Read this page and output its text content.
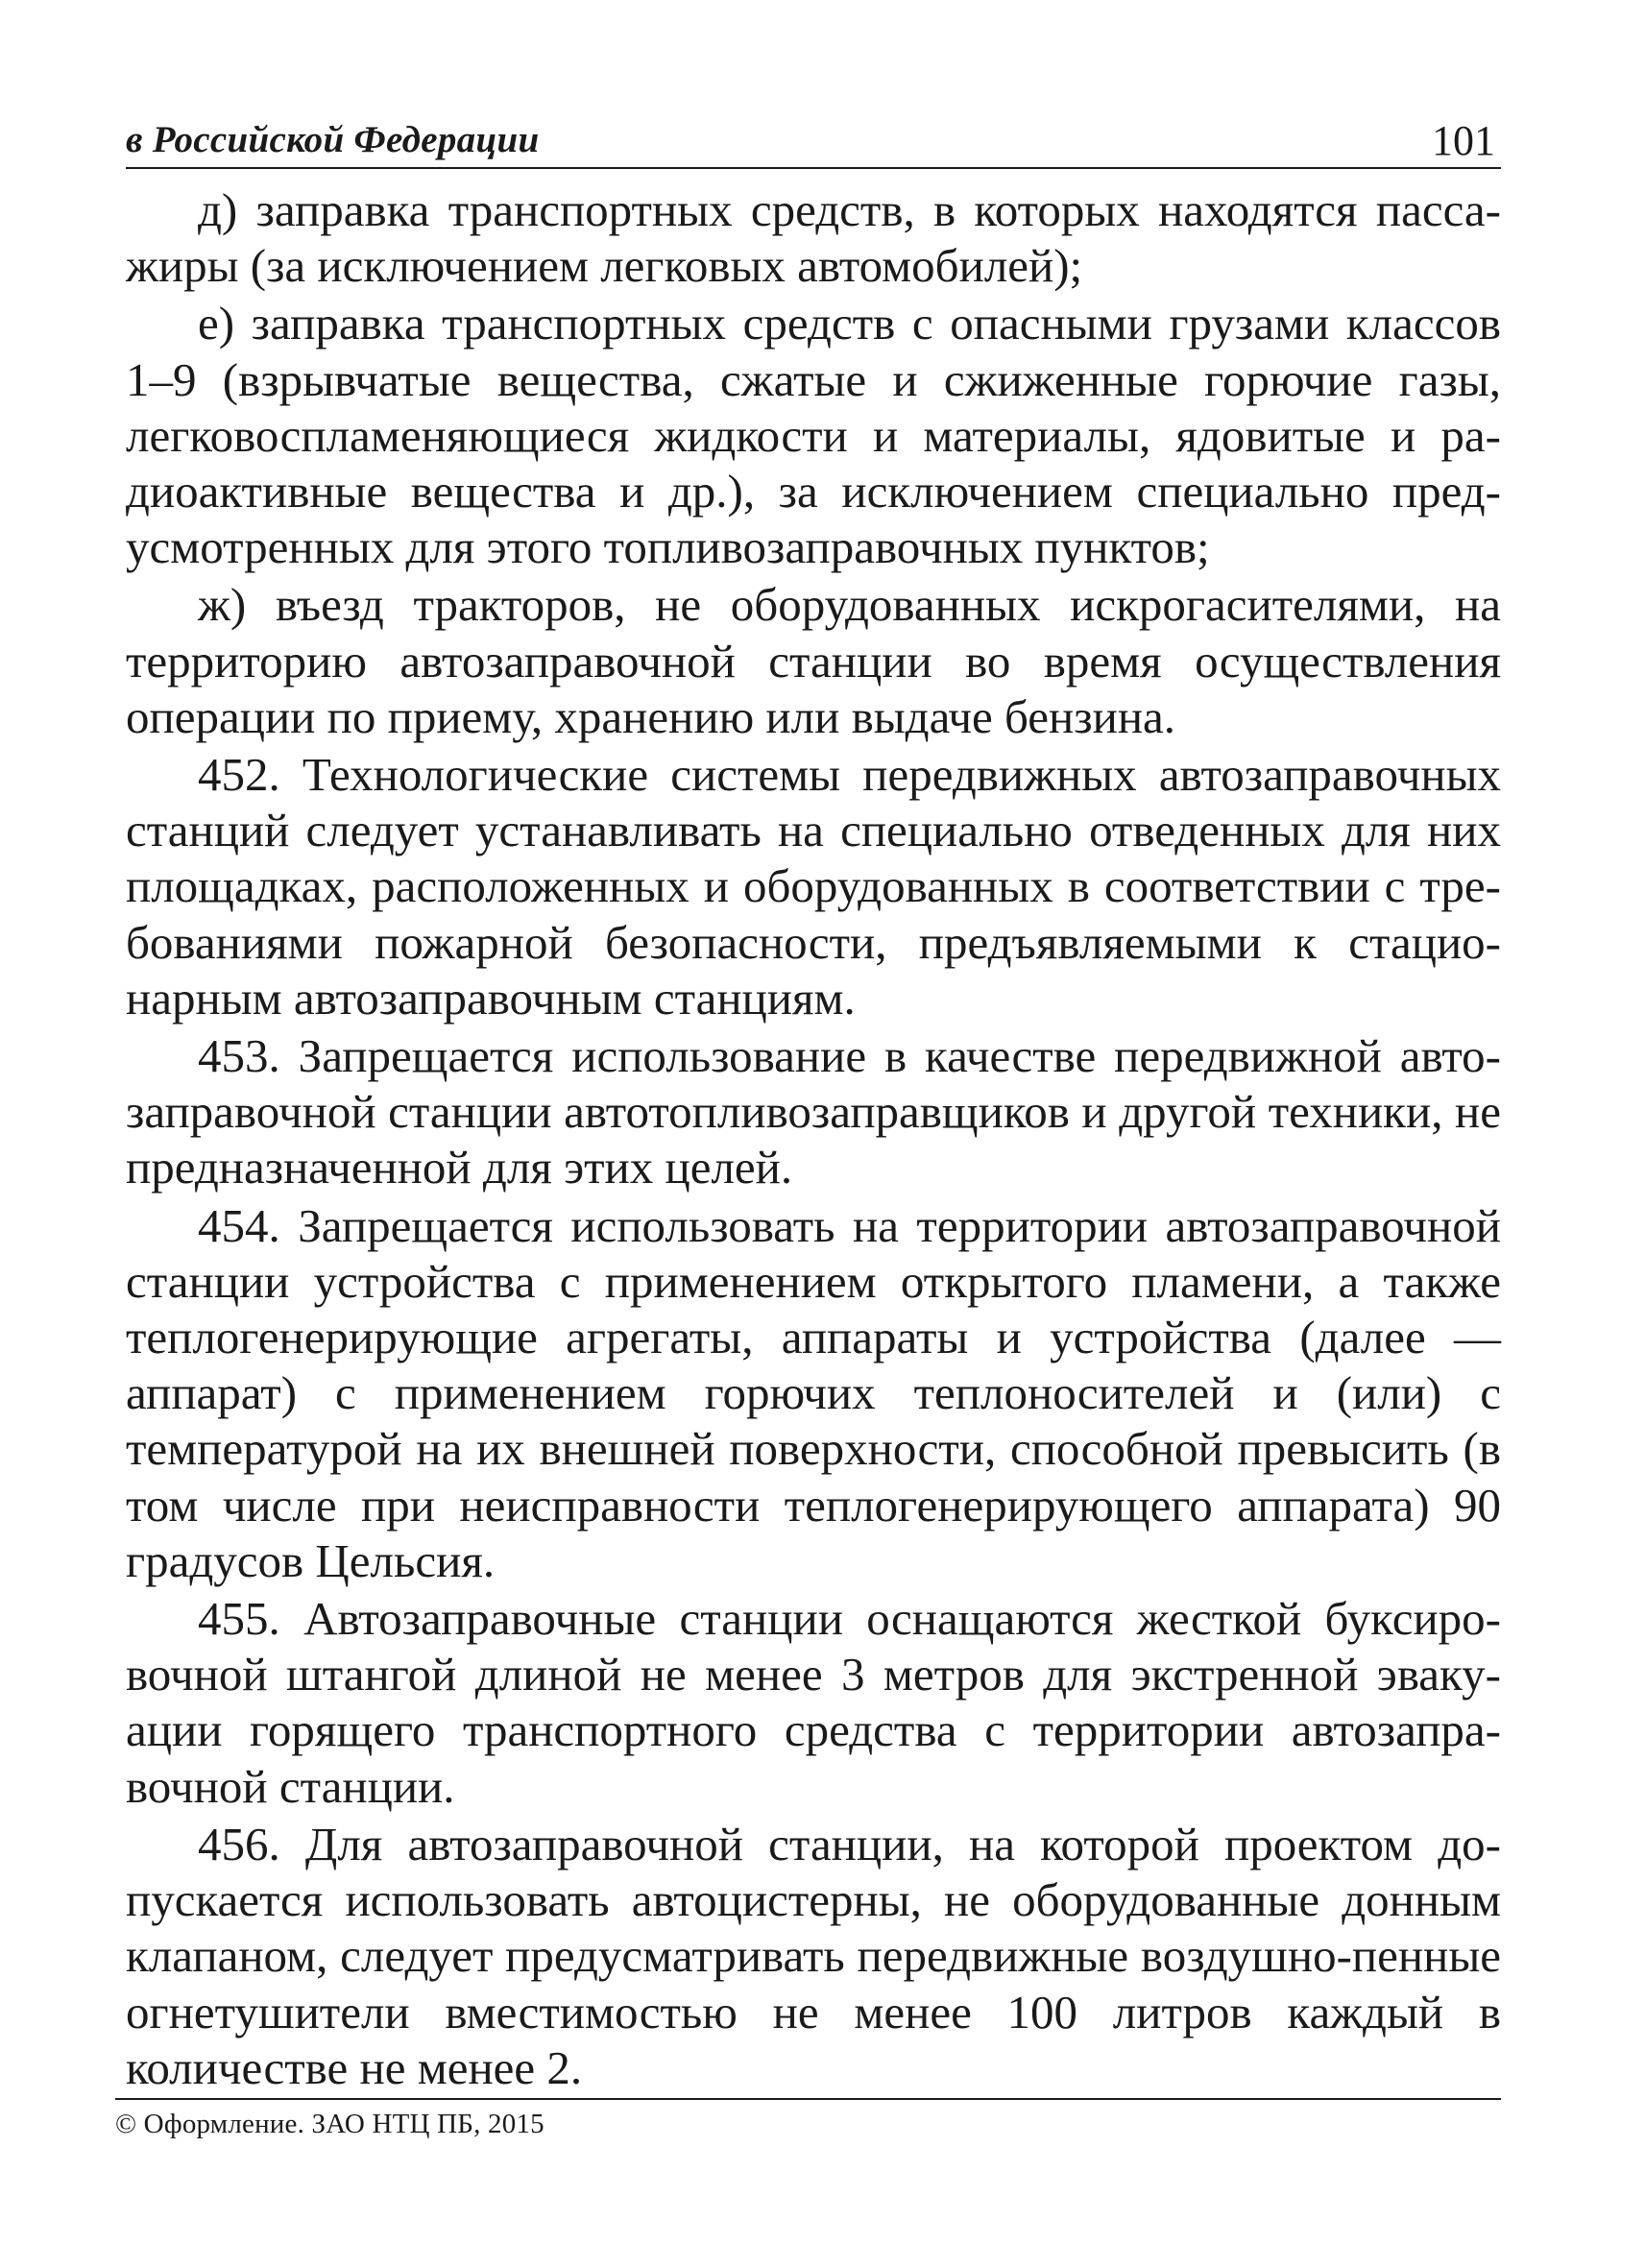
в Российской Федерации	101

д) заправка транспортных средств, в которых находятся пассажиры (за исключением легковых автомобилей);

е) заправка транспортных средств с опасными грузами классов 1–9 (взрывчатые вещества, сжатые и сжиженные горючие газы, легковоспламеняющиеся жидкости и материалы, ядовитые и радиоактивные вещества и др.), за исключением специально предусмотренных для этого топливозаправочных пунктов;

ж) въезд тракторов, не оборудованных искрогасителями, на территорию автозаправочной станции во время осуществления операции по приему, хранению или выдаче бензина.

452. Технологические системы передвижных автозаправочных станций следует устанавливать на специально отведенных для них площадках, расположенных и оборудованных в соответствии с требованиями пожарной безопасности, предъявляемыми к стационарным автозаправочным станциям.

453. Запрещается использование в качестве передвижной автозаправочной станции автотопливозаправщиков и другой техники, не предназначенной для этих целей.

454. Запрещается использовать на территории автозаправочной станции устройства с применением открытого пламени, а также теплогенерирующие агрегаты, аппараты и устройства (далее — аппарат) с применением горючих теплоносителей и (или) с температурой на их внешней поверхности, способной превысить (в том числе при неисправности теплогенерирующего аппарата) 90 градусов Цельсия.

455. Автозаправочные станции оснащаются жесткой буксировочной штангой длиной не менее 3 метров для экстренной эвакуации горящего транспортного средства с территории автозаправочной станции.

456. Для автозаправочной станции, на которой проектом допускается использовать автоцистерны, не оборудованные донным клапаном, следует предусматривать передвижные воздушно-пенные огнетушители вместимостью не менее 100 литров каждый в количестве не менее 2.

© Оформление. ЗАО НТЦ ПБ, 2015
